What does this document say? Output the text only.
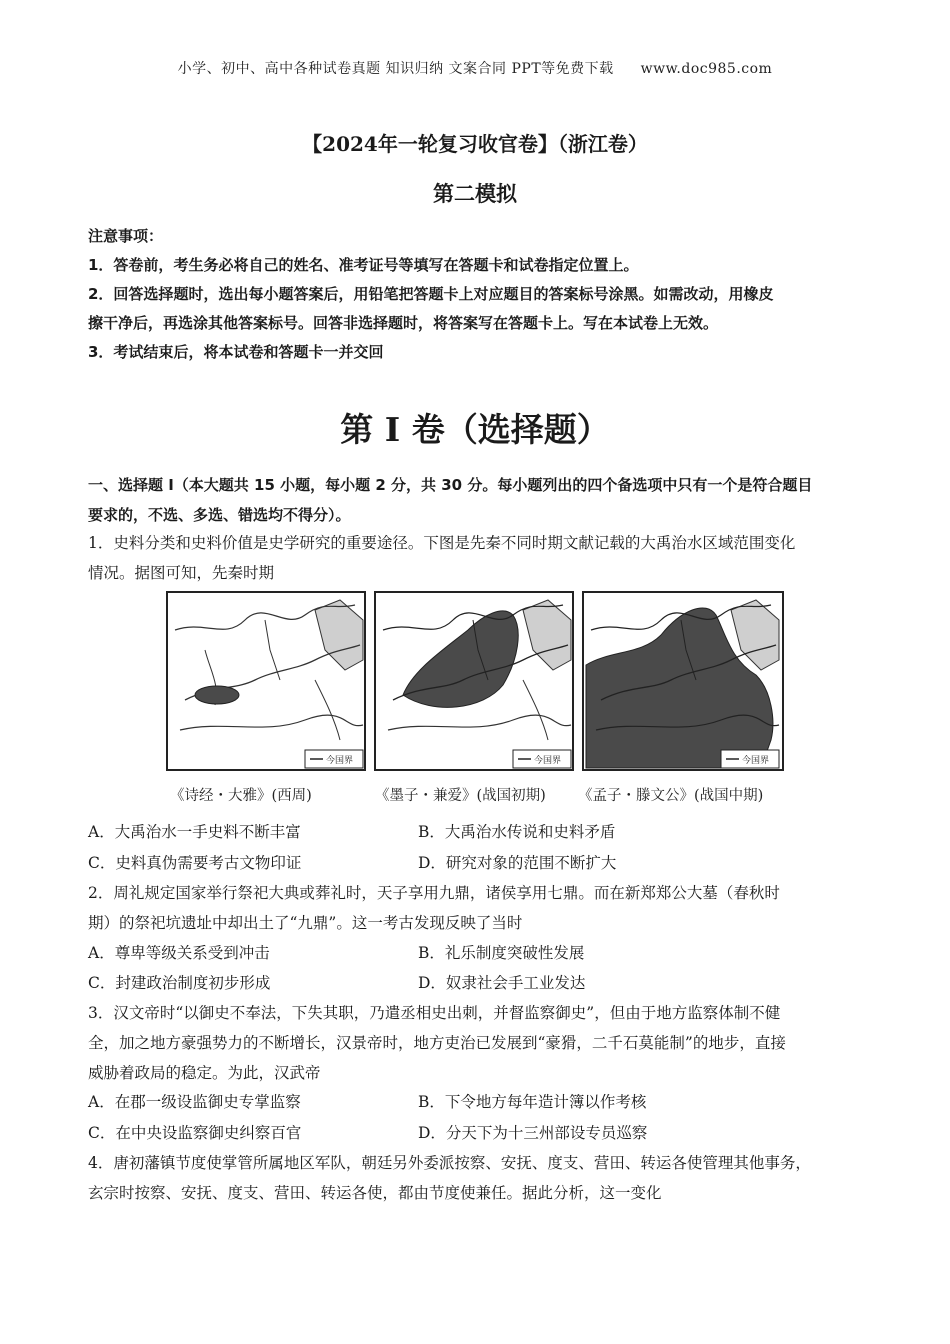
小学、初中、高中各种试卷真题 知识归纳 文案合同 PPT等免费下载 www.doc985.com
【2024年一轮复习收官卷】（浙江卷）
第二模拟
注意事项：
1．答卷前，考生务必将自己的姓名、准考证号等填写在答题卡和试卷指定位置上。
2．回答选择题时，选出每小题答案后，用铅笔把答题卡上对应题目的答案标号涂黑。如需改动，用橡皮
擦干净后，再选涂其他答案标号。回答非选择题时，将答案写在答题卡上。写在本试卷上无效。
3．考试结束后，将本试卷和答题卡一并交回
第 I 卷（选择题）
一、选择题 I（本大题共 15 小题，每小题 2 分，共 30 分。每小题列出的四个备选项中只有一个是符合题目
要求的，不选、多选、错选均不得分）。
1．史料分类和史料价值是史学研究的重要途径。下图是先秦不同时期文献记载的大禹治水区域范围变化
情况。据图可知，先秦时期
今国界	今国界	今国界
《诗经・大雅》(西周)	《墨子・兼爱》(战国初期) 《孟子・滕文公》(战国中期)
A．大禹治水一手史料不断丰富	B．大禹治水传说和史料矛盾
C．史料真伪需要考古文物印证	D．研究对象的范围不断扩大
2．周礼规定国家举行祭祀大典或葬礼时，天子享用九鼎，诸侯享用七鼎。而在新郑郑公大墓（春秋时
期）的祭祀坑遗址中却出土了“九鼎”。这一考古发现反映了当时
A．尊卑等级关系受到冲击	B．礼乐制度突破性发展
C．封建政治制度初步形成	D．奴隶社会手工业发达
3．汉文帝时“以御史不奉法，下失其职，乃遣丞相史出刺，并督监察御史”，但由于地方监察体制不健
全，加之地方豪强势力的不断增长，汉景帝时，地方吏治已发展到“豪猾，二千石莫能制”的地步，直接
威胁着政局的稳定。为此，汉武帝
A．在郡一级设监御史专掌监察	B．下令地方每年造计簿以作考核
C．在中央设监察御史纠察百官	D．分天下为十三州部设专员巡察
4．唐初藩镇节度使掌管所属地区军队，朝廷另外委派按察、安抚、度支、营田、转运各使管理其他事务，
玄宗时按察、安抚、度支、营田、转运各使，都由节度使兼任。据此分析，这一变化
